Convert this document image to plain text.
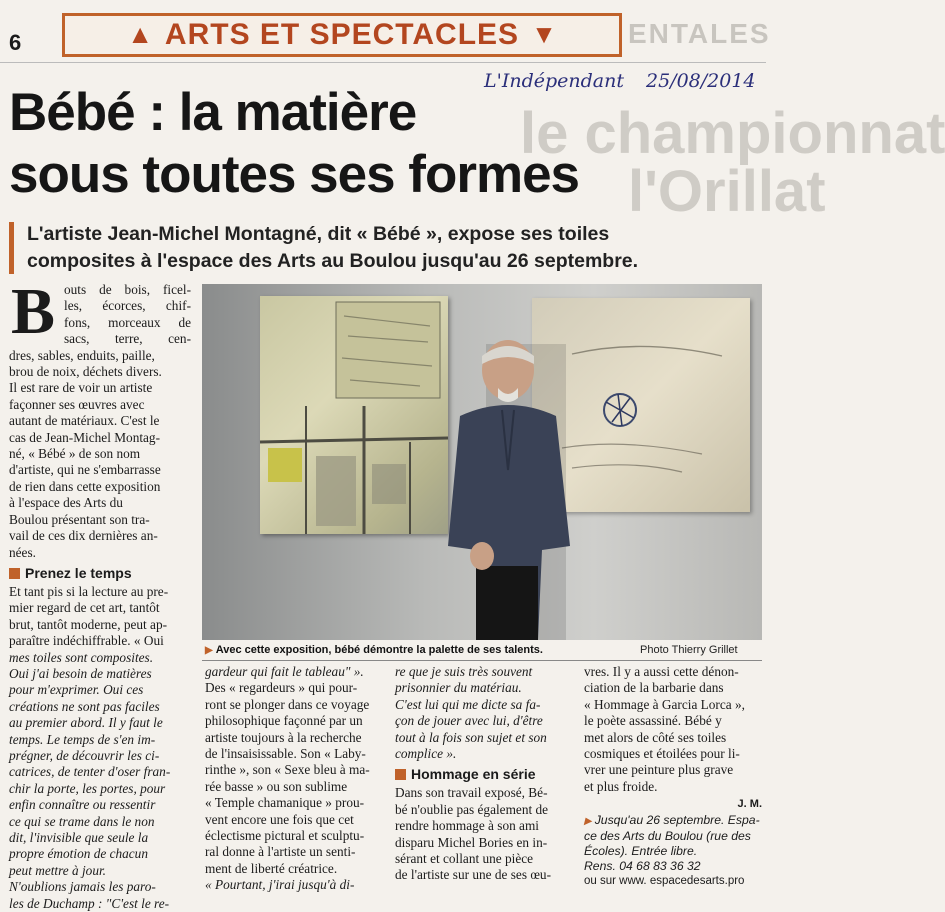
6	▲ ARTS ET SPECTACLES ▼	ENTALES
L'Indépendant 25/08/2014
le championnat
l'Orillat
Bébé : la matière
sous toutes ses formes
L'artiste Jean-Michel Montagné, dit « Bébé », expose ses toiles
composites à l'espace des Arts au Boulou jusqu'au 26 septembre.
▶ Avec cette exposition, bébé démontre la palette de ses talents.	Photo Thierry Grillet
B outs de bois, ficel-
les, écorces, chif-
fons, morceaux de
sacs, terre, cen-
dres, sables, enduits, paille,
brou de noix, déchets divers.
Il est rare de voir un artiste
façonner ses œuvres avec
autant de matériaux. C'est le
cas de Jean-Michel Montag-
né, « Bébé » de son nom
d'artiste, qui ne s'embarrasse
de rien dans cette exposition
à l'espace des Arts du
Boulou présentant son tra-
vail de ces dix dernières an-
nées.
Prenez le temps
Et tant pis si la lecture au pre-
mier regard de cet art, tantôt
brut, tantôt moderne, peut ap-
paraître indéchiffrable. « Oui
mes toiles sont composites.
Oui j'ai besoin de matières
pour m'exprimer. Oui ces
créations ne sont pas faciles
au premier abord. Il y faut le
temps. Le temps de s'en im-
prégner, de découvrir les ci-
catrices, de tenter d'oser fran-
chir la porte, les portes, pour
enfin connaître ou ressentir
ce qui se trame dans le non
dit, l'invisible que seule la
propre émotion de chacun
peut mettre à jour.
N'oublions jamais les paro-
les de Duchamp : "C'est le re-
gardeur qui fait le tableau" ».
Des « regardeurs » qui pour-
ront se plonger dans ce voyage
philosophique façonné par un
artiste toujours à la recherche
de l'insaisissable. Son « Laby-
rinthe », son « Sexe bleu à ma-
rée basse » ou son sublime
« Temple chamanique » prou-
vent encore une fois que cet
éclectisme pictural et sculptu-
ral donne à l'artiste un senti-
ment de liberté créatrice.
« Pourtant, j'irai jusqu'à di-
re que je suis très souvent
prisonnier du matériau.
C'est lui qui me dicte sa fa-
çon de jouer avec lui, d'être
tout à la fois son sujet et son
complice ».
Hommage en série
Dans son travail exposé, Bé-
bé n'oublie pas également de
rendre hommage à son ami
disparu Michel Bories en in-
sérant et collant une pièce
de l'artiste sur une de ses œu-
vres. Il y a aussi cette dénon-
ciation de la barbarie dans
« Hommage à Garcia Lorca »,
le poète assassiné. Bébé y
met alors de côté ses toiles
cosmiques et étoilées pour li-
vrer une peinture plus grave
et plus froide.
J. M.
▶ Jusqu'au 26 septembre. Espa-
ce des Arts du Boulou (rue des
Écoles). Entrée libre.
Rens. 04 68 83 36 32
ou sur www. espacedesarts.pro
